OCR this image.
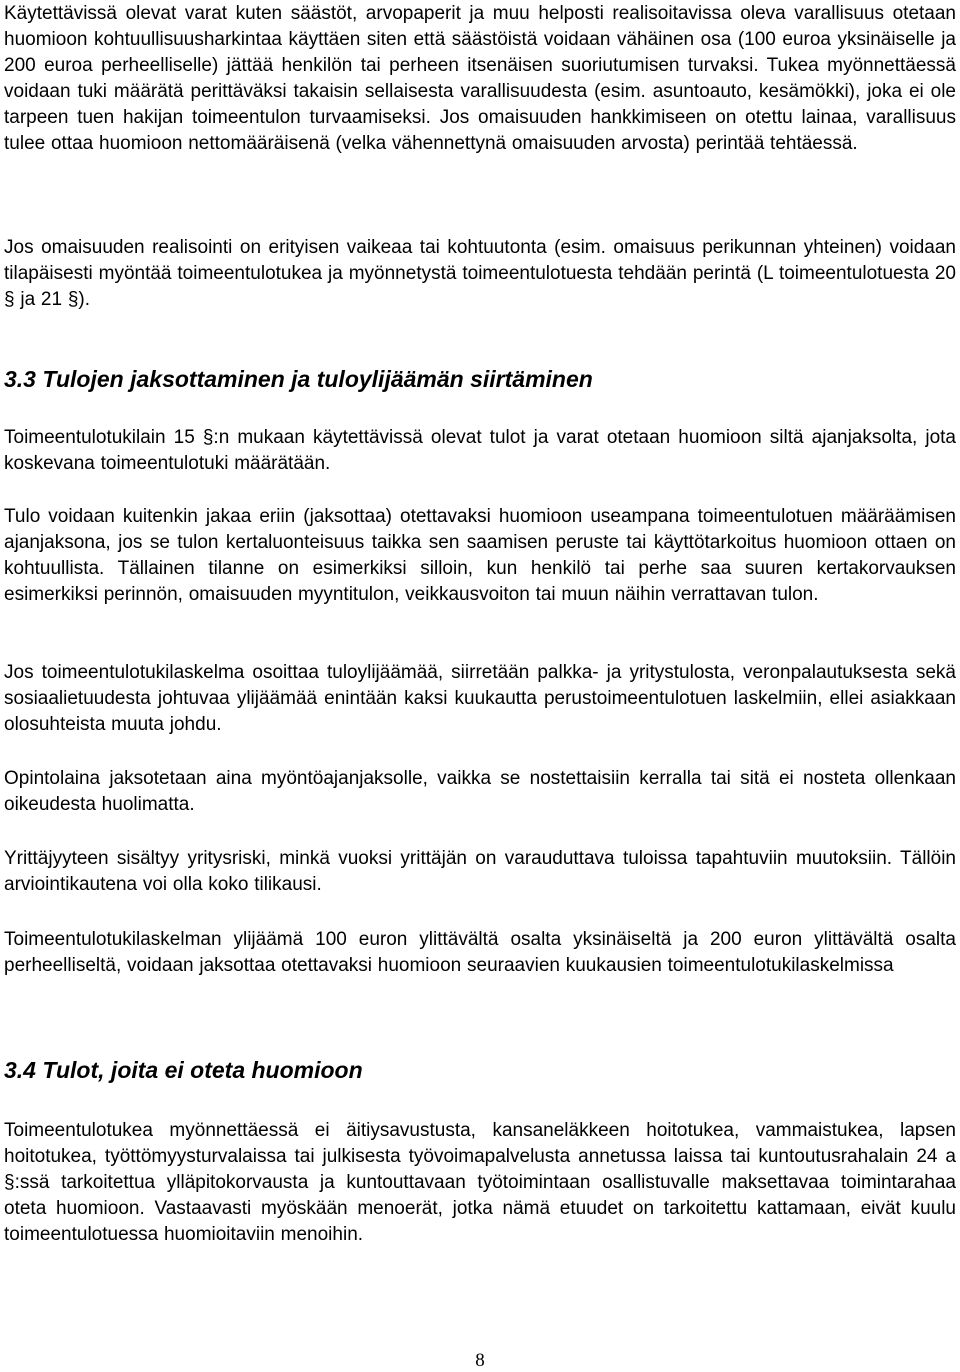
Käytettävissä olevat varat kuten säästöt, arvopaperit ja muu helposti realisoitavissa oleva varallisuus otetaan huomioon kohtuullisuusharkintaa käyttäen siten että säästöistä voidaan vähäinen osa (100 euroa yksinäiselle ja 200 euroa perheelliselle) jättää henkilön tai perheen itsenäisen suoriutumisen turvaksi. Tukea myönnettäessä voidaan tuki määrätä perittäväksi takaisin sellaisesta varallisuudesta (esim. asuntoauto, kesämökki), joka ei ole tarpeen tuen hakijan toimeentulon turvaamiseksi. Jos omaisuuden hankkimiseen on otettu lainaa, varallisuus tulee ottaa huomioon nettomääräisenä (velka vähennettynä omaisuuden arvosta) perintää tehtäessä.

Jos omaisuuden realisointi on erityisen vaikeaa tai kohtuutonta (esim. omaisuus perikunnan yhteinen) voidaan tilapäisesti myöntää toimeentulotukea ja myönnetystä toimeentulotuesta tehdään perintä (L toimeentulotuesta 20 § ja 21 §).

3.3 Tulojen jaksottaminen ja tuloylijäämän siirtäminen

Toimeentulotukilain 15 §:n mukaan käytettävissä olevat tulot ja varat otetaan huomioon siltä ajanjaksolta, jota koskevana toimeentulotuki määrätään.

Tulo voidaan kuitenkin jakaa eriin (jaksottaa) otettavaksi huomioon useampana toimeentulotuen määräämisen ajanjaksona, jos se tulon kertaluonteisuus taikka sen saamisen peruste tai käyttötarkoitus huomioon ottaen on kohtuullista. Tällainen tilanne on esimerkiksi silloin, kun henkilö tai perhe saa suuren kertakorvauksen esimerkiksi perinnön, omaisuuden myyntitulon, veikkausvoiton tai muun näihin verrattavan tulon.

Jos toimeentulotukilaskelma osoittaa tuloylijäämää, siirretään palkka- ja yritystulosta, veronpalautuksesta sekä sosiaalietuudesta johtuvaa ylijäämää enintään kaksi kuukautta perustoimeentulotuen laskelmiin, ellei asiakkaan olosuhteista muuta johdu.

Opintolaina jaksotetaan aina myöntöajanjaksolle, vaikka se nostettaisiin kerralla tai sitä ei nosteta ollenkaan oikeudesta huolimatta.

Yrittäjyyteen sisältyy yritysriski, minkä vuoksi yrittäjän on varauduttava tuloissa tapahtuviin muutoksiin. Tällöin arviointikautena voi olla koko tilikausi.

Toimeentulotukilaskelman ylijäämä 100 euron ylittävältä osalta yksinäiseltä ja 200 euron ylittävältä osalta perheelliseltä, voidaan jaksottaa otettavaksi huomioon seuraavien kuukausien toimeentulotukilaskelmissa

3.4 Tulot, joita ei oteta huomioon

Toimeentulotukea myönnettäessä ei äitiysavustusta, kansaneläkkeen hoitotukea, vammaistukea, lapsen hoitotukea, työttömyysturvalaissa tai julkisesta työvoimapalvelusta annetussa laissa tai kuntoutusrahalain 24 a §:ssä tarkoitettua ylläpitokorvausta ja kuntouttavaan työtoimintaan osallistuvalle maksettavaa toimintarahaa oteta huomioon. Vastaavasti myöskään menoerät, jotka nämä etuudet on tarkoitettu kattamaan, eivät kuulu toimeentulotuessa huomioitaviin menoihin.

8
